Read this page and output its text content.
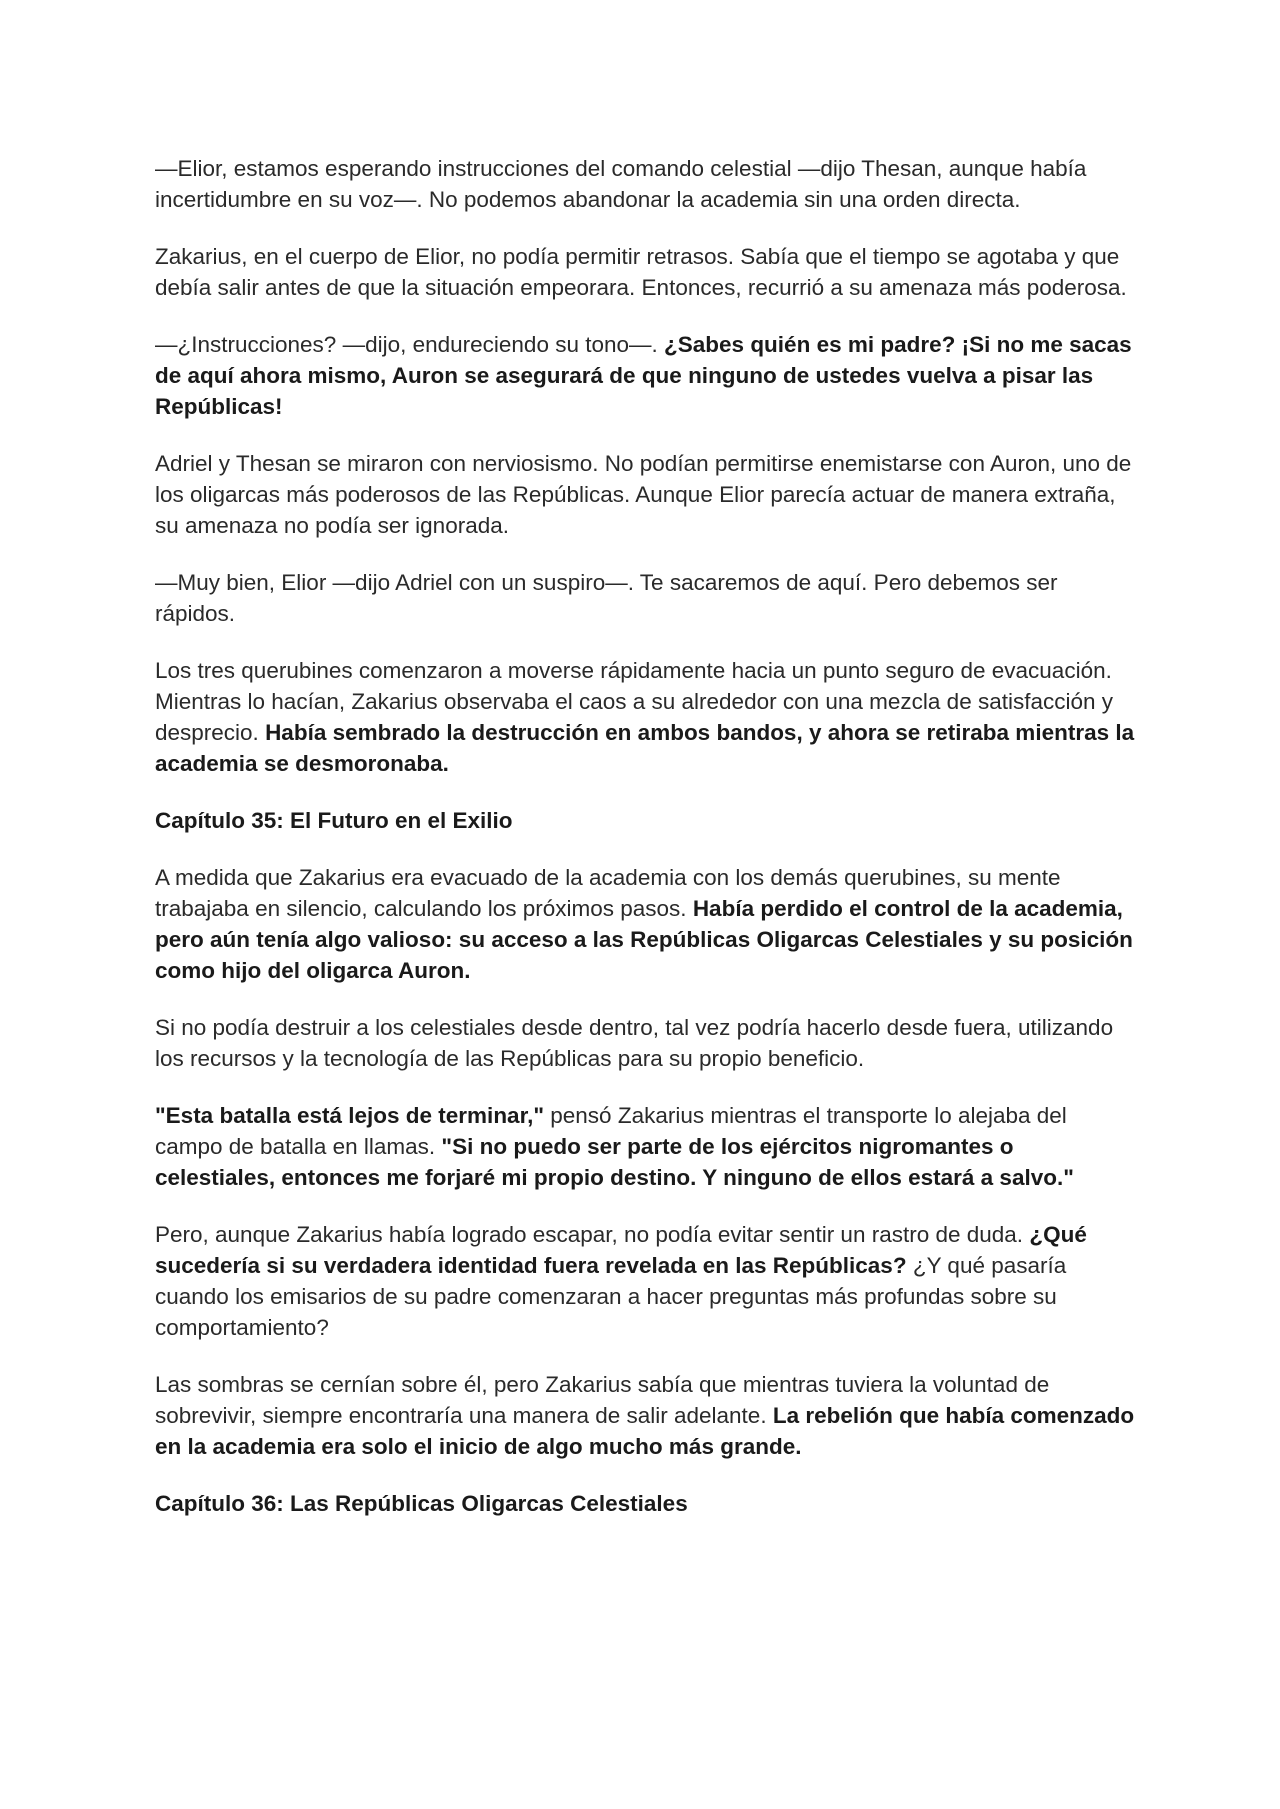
—Elior, estamos esperando instrucciones del comando celestial —dijo Thesan, aunque había incertidumbre en su voz—. No podemos abandonar la academia sin una orden directa.

Zakarius, en el cuerpo de Elior, no podía permitir retrasos. Sabía que el tiempo se agotaba y que debía salir antes de que la situación empeorara. Entonces, recurrió a su amenaza más poderosa.

—¿Instrucciones? —dijo, endureciendo su tono—. ¿Sabes quién es mi padre? ¡Si no me sacas de aquí ahora mismo, Auron se asegurará de que ninguno de ustedes vuelva a pisar las Repúblicas!

Adriel y Thesan se miraron con nerviosismo. No podían permitirse enemistarse con Auron, uno de los oligarcas más poderosos de las Repúblicas. Aunque Elior parecía actuar de manera extraña, su amenaza no podía ser ignorada.

—Muy bien, Elior —dijo Adriel con un suspiro—. Te sacaremos de aquí. Pero debemos ser rápidos.

Los tres querubines comenzaron a moverse rápidamente hacia un punto seguro de evacuación. Mientras lo hacían, Zakarius observaba el caos a su alrededor con una mezcla de satisfacción y desprecio. Había sembrado la destrucción en ambos bandos, y ahora se retiraba mientras la academia se desmoronaba.

Capítulo 35: El Futuro en el Exilio

A medida que Zakarius era evacuado de la academia con los demás querubines, su mente trabajaba en silencio, calculando los próximos pasos. Había perdido el control de la academia, pero aún tenía algo valioso: su acceso a las Repúblicas Oligarcas Celestiales y su posición como hijo del oligarca Auron.

Si no podía destruir a los celestiales desde dentro, tal vez podría hacerlo desde fuera, utilizando los recursos y la tecnología de las Repúblicas para su propio beneficio.

"Esta batalla está lejos de terminar," pensó Zakarius mientras el transporte lo alejaba del campo de batalla en llamas. "Si no puedo ser parte de los ejércitos nigromantes o celestiales, entonces me forjaré mi propio destino. Y ninguno de ellos estará a salvo."

Pero, aunque Zakarius había logrado escapar, no podía evitar sentir un rastro de duda. ¿Qué sucedería si su verdadera identidad fuera revelada en las Repúblicas? ¿Y qué pasaría cuando los emisarios de su padre comenzaran a hacer preguntas más profundas sobre su comportamiento?

Las sombras se cernían sobre él, pero Zakarius sabía que mientras tuviera la voluntad de sobrevivir, siempre encontraría una manera de salir adelante. La rebelión que había comenzado en la academia era solo el inicio de algo mucho más grande.

Capítulo 36: Las Repúblicas Oligarcas Celestiales
